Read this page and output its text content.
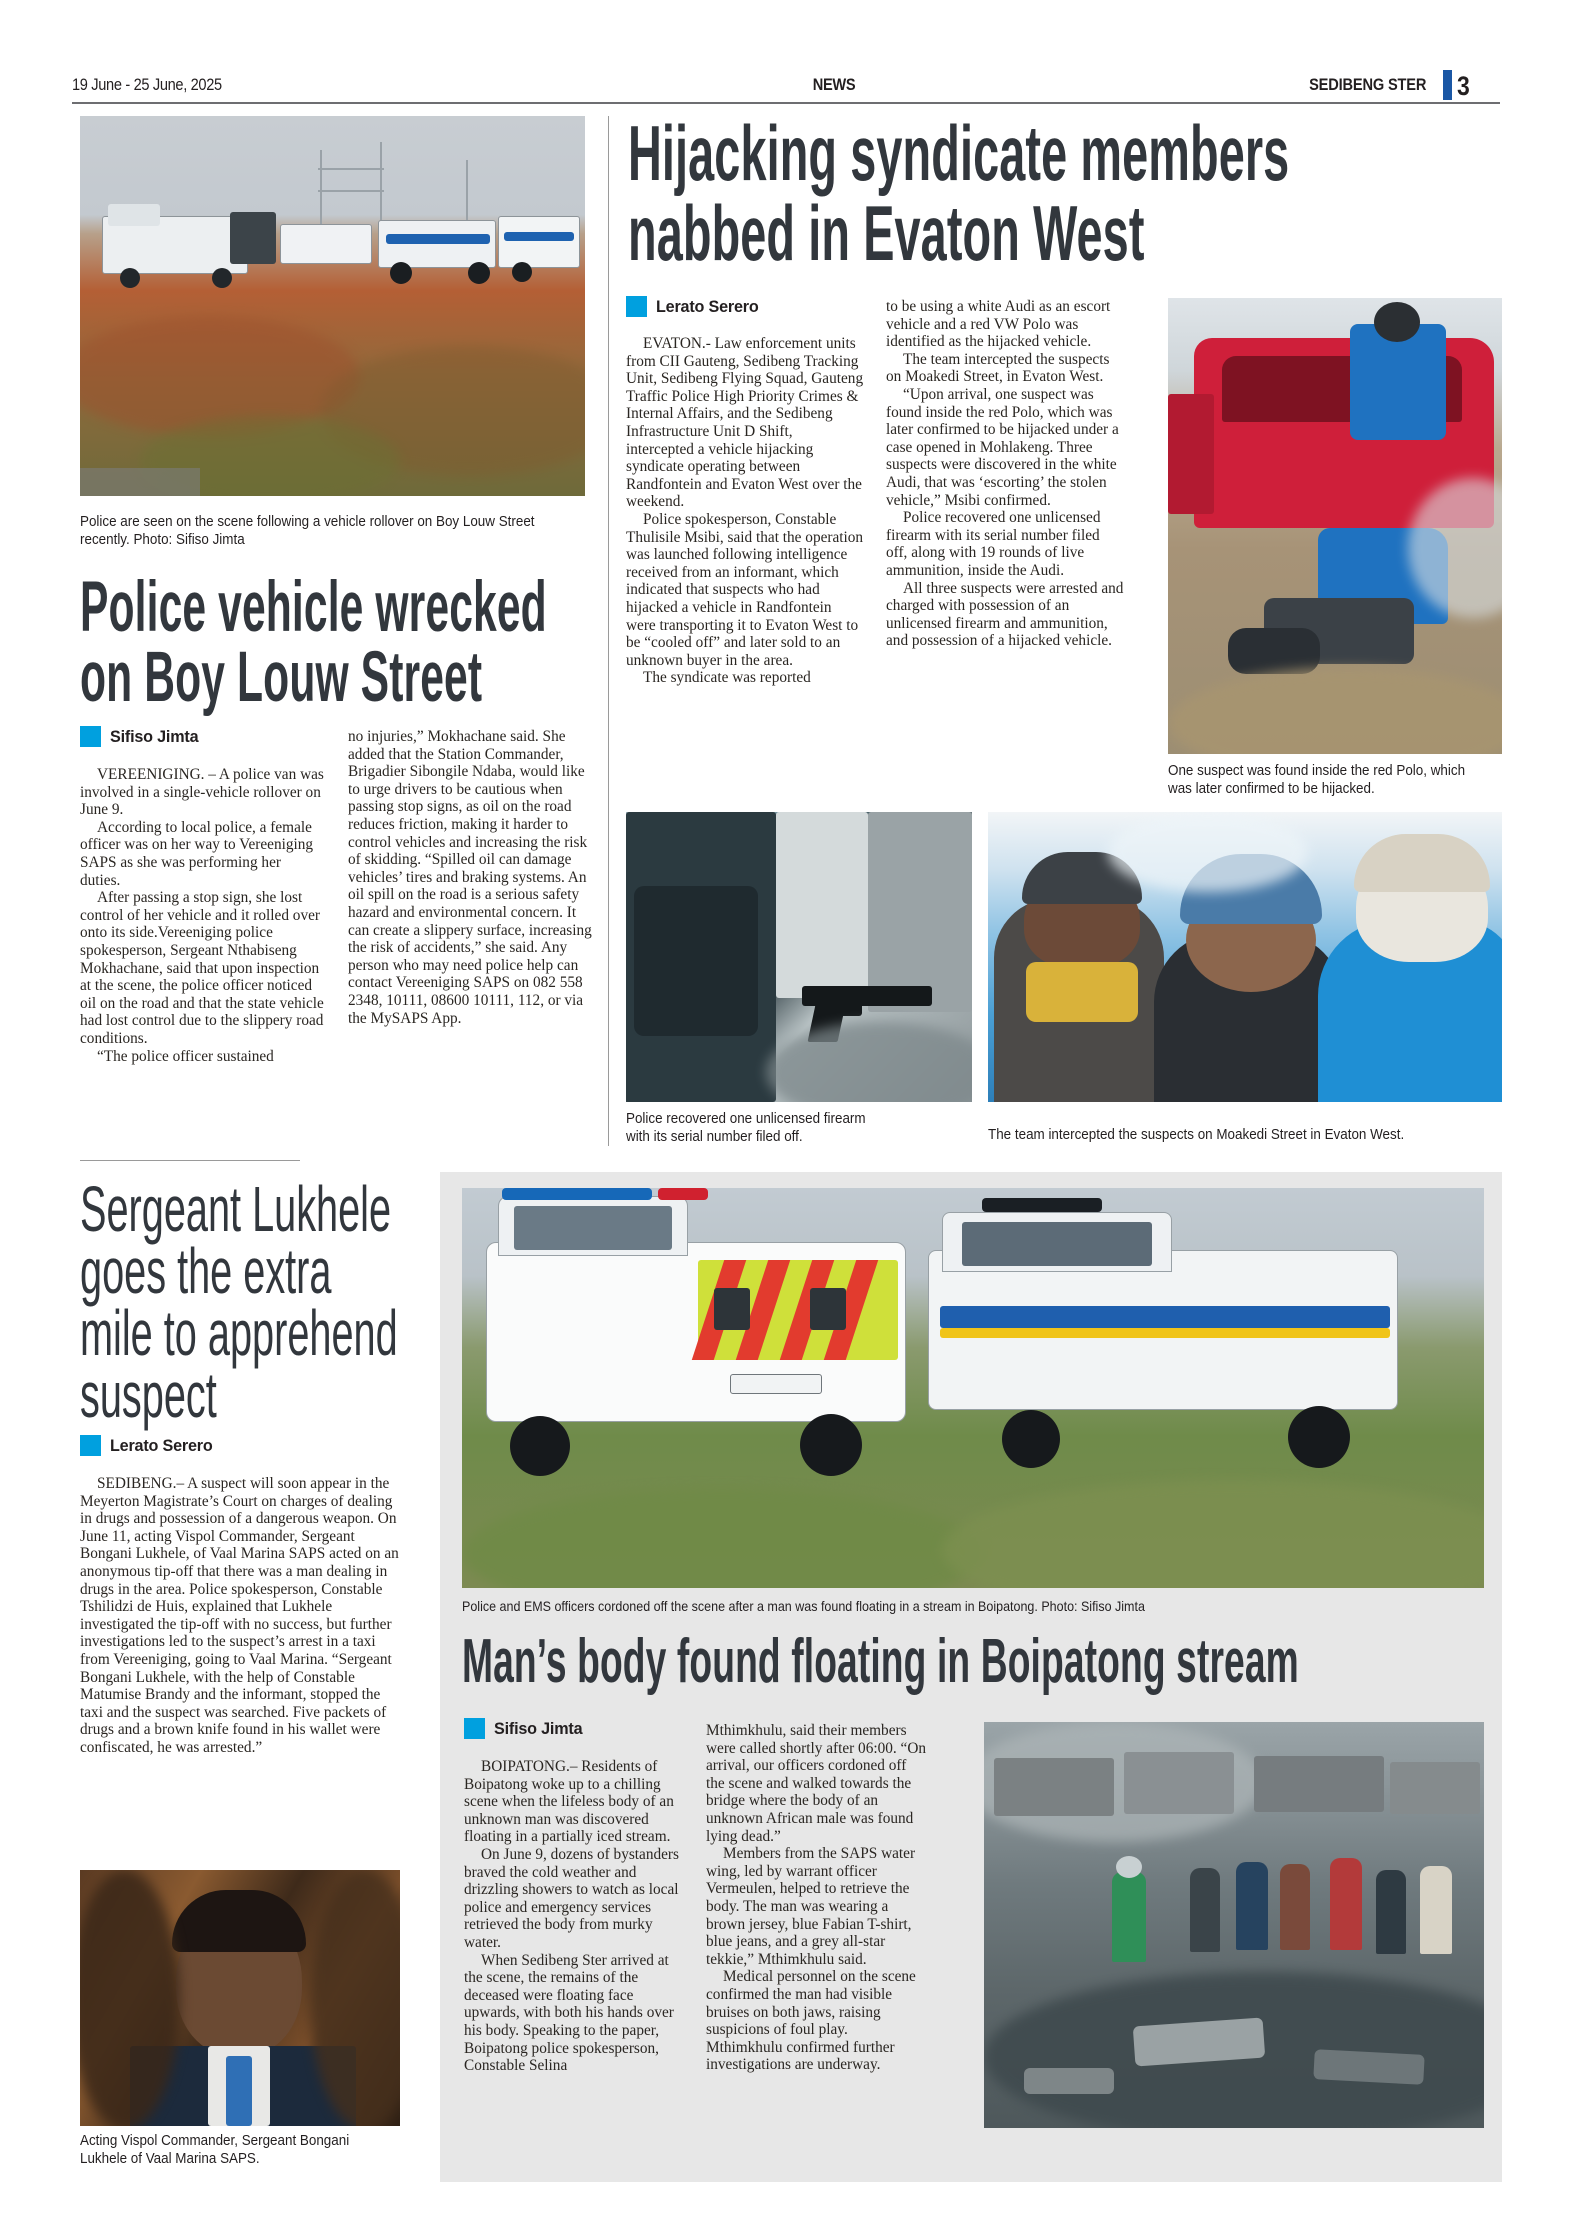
19 June - 25 June, 2025	NEWS	SEDIBENG STER 3
Police are seen on the scene following a vehicle rollover on Boy Louw Street recently. Photo: Sifiso Jimta
Police vehicle wrecked
on Boy Louw Street
Sifiso Jimta

VEREENIGING. – A police van was involved in a single-vehicle rollover on June 9.

According to local police, a female officer was on her way to Vereeniging SAPS as she was performing her duties.

After passing a stop sign, she lost control of her vehicle and it rolled over onto its side.Vereeniging police spokesperson, Sergeant Nthabiseng Mokhachane, said that upon inspection at the scene, the police officer noticed oil on the road and that the state vehicle had lost control due to the slippery road conditions.

“The police officer sustained

no injuries,” Mokhachane said. She added that the Station Commander, Brigadier Sibongile Ndaba, would like to urge drivers to be cautious when passing stop signs, as oil on the road reduces friction, making it harder to control vehicles and increasing the risk of skidding. “Spilled oil can damage vehicles’ tires and braking systems. An oil spill on the road is a serious safety hazard and environmental concern. It can create a slippery surface, increasing the risk of accidents,” she said. Any person who may need police help can contact Vereeniging SAPS on 082 558 2348, 10111, 08600 10111, 112, or via the MySAPS App.

Hijacking syndicate members
nabbed in Evaton West
Lerato Serero

EVATON.- Law enforcement units from CII Gauteng, Sedibeng Tracking Unit, Sedibeng Flying Squad, Gauteng Traffic Police High Priority Crimes & Internal Affairs, and the Sedibeng Infrastructure Unit D Shift, intercepted a vehicle hijacking syndicate operating between Randfontein and Evaton West over the weekend.

Police spokesperson, Constable Thulisile Msibi, said that the operation was launched following intelligence received from an informant, which indicated that suspects who had hijacked a vehicle in Randfontein were transporting it to Evaton West to be “cooled off” and later sold to an unknown buyer in the area.

The syndicate was reported

to be using a white Audi as an escort vehicle and a red VW Polo was identified as the hijacked vehicle.

The team intercepted the suspects on Moakedi Street, in Evaton West.

“Upon arrival, one suspect was found inside the red Polo, which was later confirmed to be hijacked under a case opened in Mohlakeng. Three suspects were discovered in the white Audi, that was ‘escorting’ the stolen vehicle,” Msibi confirmed.

Police recovered one unlicensed firearm with its serial number filed off, along with 19 rounds of live ammunition, inside the Audi.

All three suspects were arrested and charged with possession of an unlicensed firearm and ammunition, and possession of a hijacked vehicle.

One suspect was found inside the red Polo, which was later confirmed to be hijacked.
Police recovered one unlicensed firearm with its serial number filed off.	The team intercepted the suspects on Moakedi Street in Evaton West.
Sergeant Lukhele
goes the extra
mile to apprehend
suspect
Lerato Serero

SEDIBENG.– A suspect will soon appear in the Meyerton Magistrate’s Court on charges of dealing in drugs and possession of a dangerous weapon. On June 11, acting Vispol Commander, Sergeant Bongani Lukhele, of Vaal Marina SAPS acted on an anonymous tip-off that there was a man dealing in drugs in the area. Police spokesperson, Constable Tshilidzi de Huis, explained that Lukhele investigated the tip-off with no success, but further investigations led to the suspect’s arrest in a taxi from Vereeniging, going to Vaal Marina. “Sergeant Bongani Lukhele, with the help of Constable Matumise Brandy and the informant, stopped the taxi and the suspect was searched. Five packets of drugs and a brown knife found in his wallet were confiscated, he was arrested.”

Acting Vispol Commander, Sergeant Bongani Lukhele of Vaal Marina SAPS.
Police and EMS officers cordoned off the scene after a man was found floating in a stream in Boipatong. Photo: Sifiso Jimta
Man’s body found floating in Boipatong stream
Sifiso Jimta

BOIPATONG.– Residents of Boipatong woke up to a chilling scene when the lifeless body of an unknown man was discovered floating in a partially iced stream.

On June 9, dozens of bystanders braved the cold weather and drizzling showers to watch as local police and emergency services retrieved the body from murky water.

When Sedibeng Ster arrived at the scene, the remains of the deceased were floating face upwards, with both his hands over his body. Speaking to the paper, Boipatong police spokesperson, Constable Selina

Mthimkhulu, said their members were called shortly after 06:00. “On arrival, our officers cordoned off the scene and walked towards the bridge where the body of an unknown African male was found lying dead.”

Members from the SAPS water wing, led by warrant officer Vermeulen, helped to retrieve the body. The man was wearing a brown jersey, blue Fabian T-shirt, blue jeans, and a grey all-star tekkie,” Mthimkhulu said.

Medical personnel on the scene confirmed the man had visible bruises on both jaws, raising suspicions of foul play. Mthimkhulu confirmed further investigations are underway.
